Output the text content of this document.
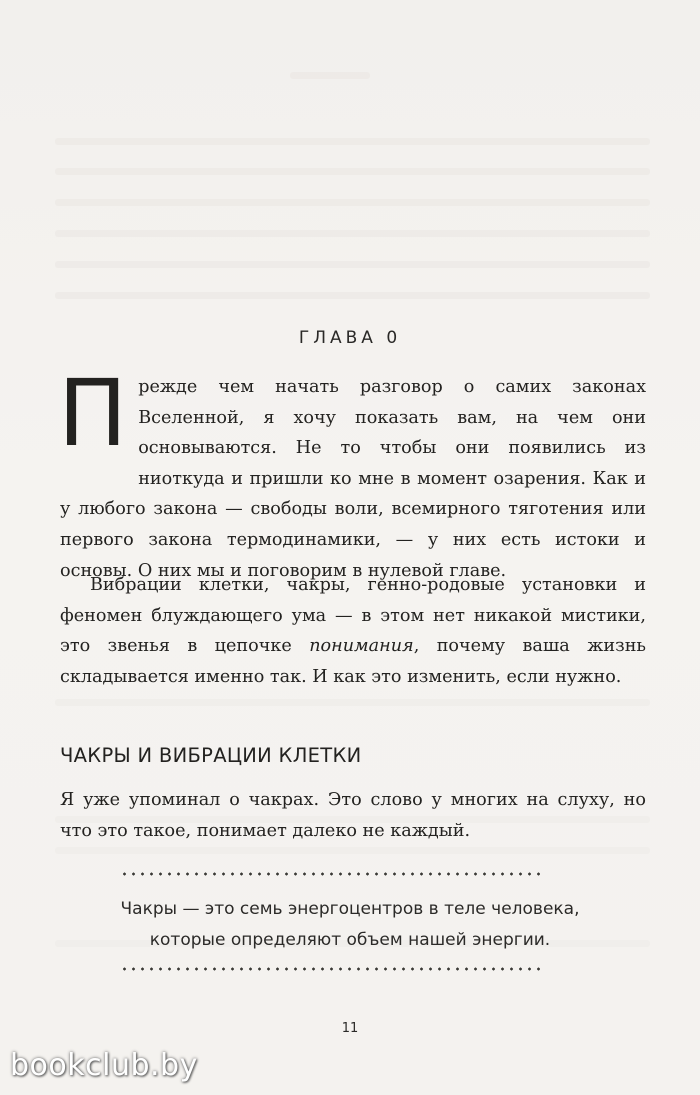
ГЛАВА 0

Прежде чем начать разговор о самих законах Вселенной, я хочу показать вам, на чем они основываются. Не то чтобы они появились из ниоткуда и пришли ко мне в момент озарения. Как и у любого закона — свободы воли, всемирного тяготения или первого закона термодинамики, — у них есть истоки и основы. О них мы и поговорим в нулевой главе.

Вибрации клетки, чакры, генно-родовые установки и феномен блуждающего ума — в этом нет никакой мистики, это звенья в цепочке понимания, почему ваша жизнь складывается именно так. И как это изменить, если нужно.

ЧАКРЫ И ВИБРАЦИИ КЛЕТКИ

Я уже упоминал о чакрах. Это слово у многих на слуху, но что это такое, понимает далеко не каждый.

Чакры — это семь энергоцентров в теле человека,
которые определяют объем нашей энергии.
11
bookclub.by
